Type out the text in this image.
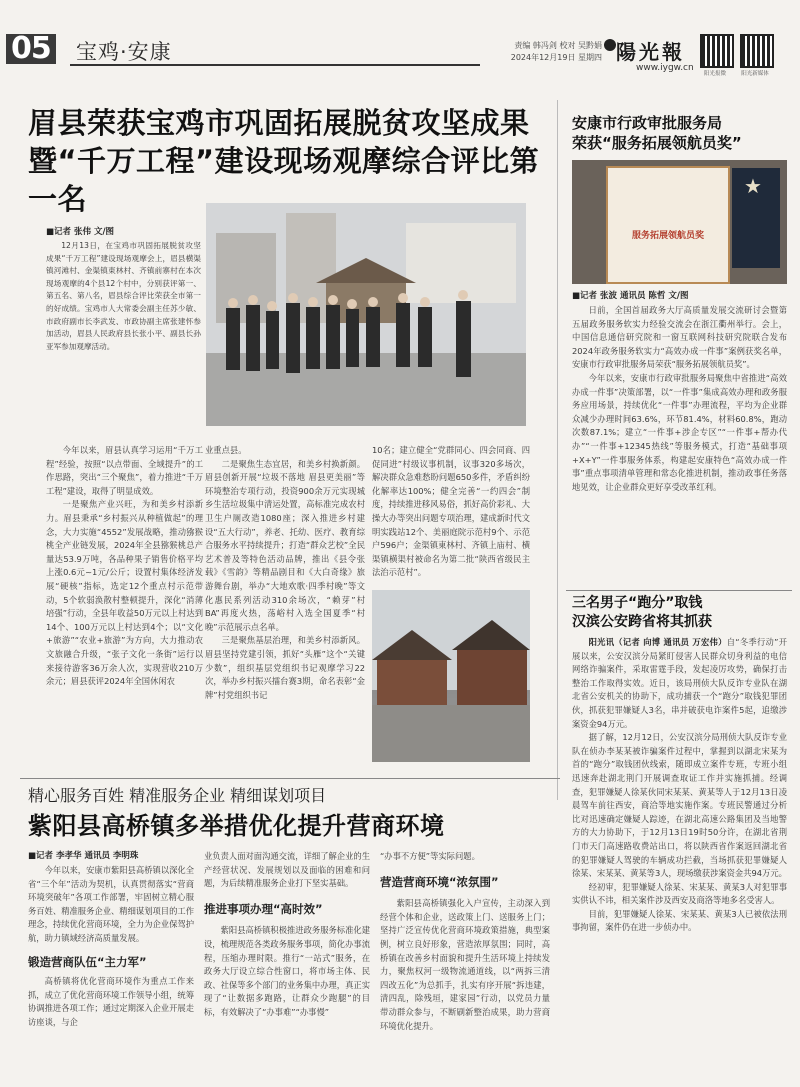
05 宝鸡·安康	责编 韩冯剑 校对 吴黔娟
2024年12月19日 星期四 陽光報
www.iygw.cn
阳光报微	阳光新媒体
眉县荣获宝鸡市巩固拓展脱贫攻坚成果
暨“千万工程”建设现场观摩综合评比第一名
■记者 张伟 文/图

12月13日，在宝鸡市巩固拓展脱贫攻坚成果“千万工程”建设现场观摩会上，眉县横渠镇河滩村、金渠镇東林村、齐镇前寨村在本次现场观摩的4个县12个村中，分别获评第一、第五名、第八名，眉县综合评比荣获全市第一的好成绩。宝鸡市人大常委会副主任苏少敏、市政府副市长李武发、市政协副主席张建怀参加活动，眉县人民政府县长张小平、副县长孙亚军参加观摩活动。

今年以来，眉县认真学习运用“千万工程”经验，按照“以点带面、全域提升”的工作思路，突出“三个聚焦”，着力推进“千万工程”建设，取得了明显成效。

一是聚焦产业兴旺，为和美乡村添新力。眉县秉承“乡村振兴从种植做起”的理念，大力实施“4552”发展战略，推动猕猴桃全产业链发展，2024年全县猕猴桃总产量达53.9万吨，各品种果子销售价格平均上涨0.6元~1元/公斤；设置村集体经济发展“硬核”指标，选定12个重点村示范带动，5个软弱涣散村整顿提升，深化“消薄培强”行动，全县年收益50万元以上村达到14个、100万元以上村达到4个；以“文化+旅游”“农业+旅游”为方向，大力推动农文旅融合升级，“张子文化一条街”运行以来接待游客36万余人次，实现营收210万余元；眉县获评2024年全国休闲农

业重点县。

二是聚焦生态宜居，和美乡村换新颜。眉县创新开展“垃圾不落地 眉县更美丽”等环境整治专项行动，投资900余万元实现城乡生活垃圾集中清运处置，高标准完成农村卫生户厕改造1080座；深入推进乡村建设“五大行动”，养老、托幼、医疗、教育综合服务水平持续提升；打造“群众艺校”全民艺术普及等特色活动品牌，推出《县令张载》《雪韵》等精品剧目和《大白奇缘》旅游舞台剧，举办“大地欢歌·四季村晚”等文化惠民系列活动310余场次，“赖芽”村BA”再度火热，荡峪村入选全国夏季“村晚”示范展示点名单。

三是聚焦基层治理，和美乡村添新风。眉县坚持党建引领，抓好“头雁”这个“关键少数”，组织基层党组织书记观摩学习22次，举办乡村振兴擂台赛3期，命名表彰“金牌”村党组织书记

10名；建立健全“党群同心、四会同商、四促同进”村级议事机制，议事320多场次，解决群众急难愁盼问题650多件，矛盾纠纷化解率达100%；健全完善“一约四会”制度，持续推进移风易俗，抓好高价彩礼、大操大办等突出问题专项治理，建成新时代文明实践站12个、美丽庭院示范村9个、示范户596户；金渠镇東林村、齐镇上庙村、横渠镇横渠村被命名为第二批“陕西省级民主法治示范村”。

安康市行政审批服务局
荣获“服务拓展领航员奖”
服务拓展领航员奖
★
■记者 张波 通讯员 陈哲 文/图

日前，全国首届政务大厅高质量发展交流研讨会暨第五届政务服务软实力经验交流会在浙江衢州举行。会上，中国信息通信研究院和一窗互联网科技研究院联合发布2024年政务服务软实力“高效办成一件事”案例获奖名单，安康市行政审批服务局荣获“服务拓展领航员奖”。

今年以来，安康市行政审批服务局聚焦中省推进“高效办成一件事”决策部署，以“一件事”集成高效办理和政务服务应用场景，持续优化“一件事”办理流程，平均为企业群众减少办理时间63.6%，环节81.4%，材料60.8%，跑动次数87.1%；建立“一件事+涉企专区”“一件事+帮办代办”“一件事+12345热线”等服务模式，打造“基础事项+X+Y”一件事服务体系，构建起安康特色“高效办成一件事”重点事项清单管理和常态化推进机制，推动政事任务落地见效，让企业群众更好享受改革红利。

三名男子“跑分”取钱
汉滨公安跨省将其抓获

阳光讯（记者 向博 通讯员 万宏伟）自“冬季行动”开展以来，公安汉滨分局紧盯侵害人民群众切身利益的电信网络诈骗案件，采取雷霆手段，发起凌厉攻势，确保打击整治工作取得实效。近日，该局刑侦大队反诈专业队在湖北省公安机关的协助下，成功捕获一个“跑分”取钱犯罪团伙，抓获犯罪嫌疑人3名，串并破获电诈案件5起，追缴涉案资金94万元。

据了解，12月12日，公安汉滨分局刑侦大队反诈专业队在侦办李某某被诈骗案件过程中，掌握到以湖北宋某为首的“跑分”取钱团伙线索，随即成立案件专班，专班小组迅速奔赴湖北荆门开展调查取证工作并实施抓捕。经调查，犯罪嫌疑人徐某伙同宋某某、黄某等人于12月13日凌晨驾车前往西安，商洽等地实施作案。专班民警通过分析比对迅速确定嫌疑人踪迹，在湖北高速公路集团及当地警方的大力协助下，于12月13日19时50分许，在湖北省荆门市天门高速路收费站出口，将以陕西省作案返回湖北省的犯罪嫌疑人驾驶的车辆成功拦截，当场抓获犯罪嫌疑人徐某、宋某某、黄某等3人，现场缴获涉案资金共94万元。

经初审，犯罪嫌疑人徐某、宋某某、黄某3人对犯罪事实供认不讳，相关案件涉及西安及商洛等地多名受害人。

目前，犯罪嫌疑人徐某、宋某某、黄某3人已被依法刑事拘留，案件仍在进一步侦办中。

精心服务百姓 精准服务企业 精细谋划项目
紫阳县高桥镇多举措优化提升营商环境
■记者 李孝华 通讯员 李明珠

今年以来，安康市紫阳县高桥镇以深化全省“三个年”活动为契机，认真贯彻落实“营商环境突破年”各项工作部署，牢固树立精心服务百姓、精准服务企业、精细谋划项目的工作理念，持续优化营商环境，全力为企业保驾护航，助力镇域经济高质量发展。

锻造营商队伍“主力军”

高桥镇将优化营商环境作为重点工作来抓，成立了优化营商环境工作领导小组，统筹协调推进各项工作；通过定期深入企业开展走访座谈，与企

业负责人面对面沟通交流，详细了解企业的生产经营状况、发展规划以及面临的困难和问题，为后续精准服务企业打下坚实基础。

推进事项办理“高时效”

紫阳县高桥镇积极推进政务服务标准化建设，梳理规范各类政务服务事项，简化办事流程，压缩办理时限。推行“一站式”服务，在政务大厅设立综合性窗口，将市场主体、民政、社保等多个部门的业务集中办理，真正实现了“让数据多跑路，让群众少跑腿”的目标，有效解决了“办事难”“办事慢”

“办事不方便”等实际问题。

营造营商环境“浓氛围”

紫阳县高桥镇强化入户宣传，主动深入到经营个体和企业，送政策上门、送服务上门；坚持广泛宣传优化营商环境政策措施，典型案例，树立良好形象，营造浓厚氛围；同时，高桥镇在改善乡村面貌和提升生活环境上持续发力，聚焦权河一级物流通道线，以“两拆三清四改五化”为总抓手，扎实有序开展“拆违建，清四乱，除残垣，建家园”行动，以党员力量带动群众参与，不断刷新整治成果，助力营商环境优化提升。
